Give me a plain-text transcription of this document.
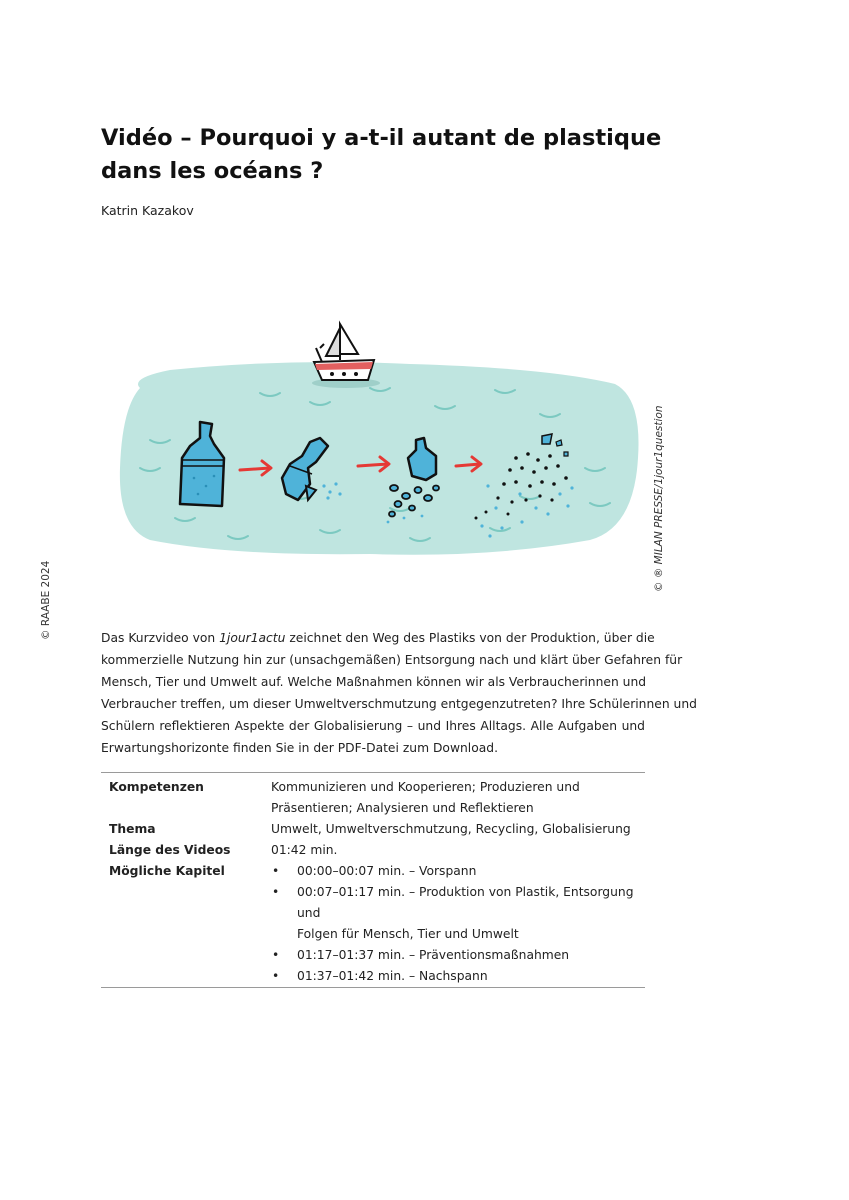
Vidéo – Pourquoi y a-t-il autant de plastique
dans les océans ?
Katrin Kazakov
© RAABE 2024
© ® MILAN PRESSE/1jour1question
Das Kurzvideo von 1jour1actu zeichnet den Weg des Plastiks von der Produktion, über die
kommerzielle Nutzung hin zur (unsachgemäßen) Entsorgung nach und klärt über Gefahren für
Mensch, Tier und Umwelt auf. Welche Maßnahmen können wir als Verbraucherinnen und
Verbraucher treffen, um dieser Umweltverschmutzung entgegenzutreten? Ihre Schülerinnen und
Schülern reflektieren Aspekte der Globalisierung – und Ihres Alltags. Alle Aufgaben und
Erwartungshorizonte finden Sie in der PDF-Datei zum Download.
Kompetenzen	Kommunizieren und Kooperieren; Produzieren und
Präsentieren; Analysieren und Reflektieren
Thema	Umwelt, Umweltverschmutzung, Recycling, Globalisierung
Länge des Videos	01:42 min.
Mögliche Kapitel
•	00:00–00:07 min. – Vorspann
• 00:07–01:17 min. – Produktion von Plastik, Entsorgung und
Folgen für Mensch, Tier und Umwelt
• 01:17–01:37 min. – Präventionsmaßnahmen
• 01:37–01:42 min. – Nachspann
